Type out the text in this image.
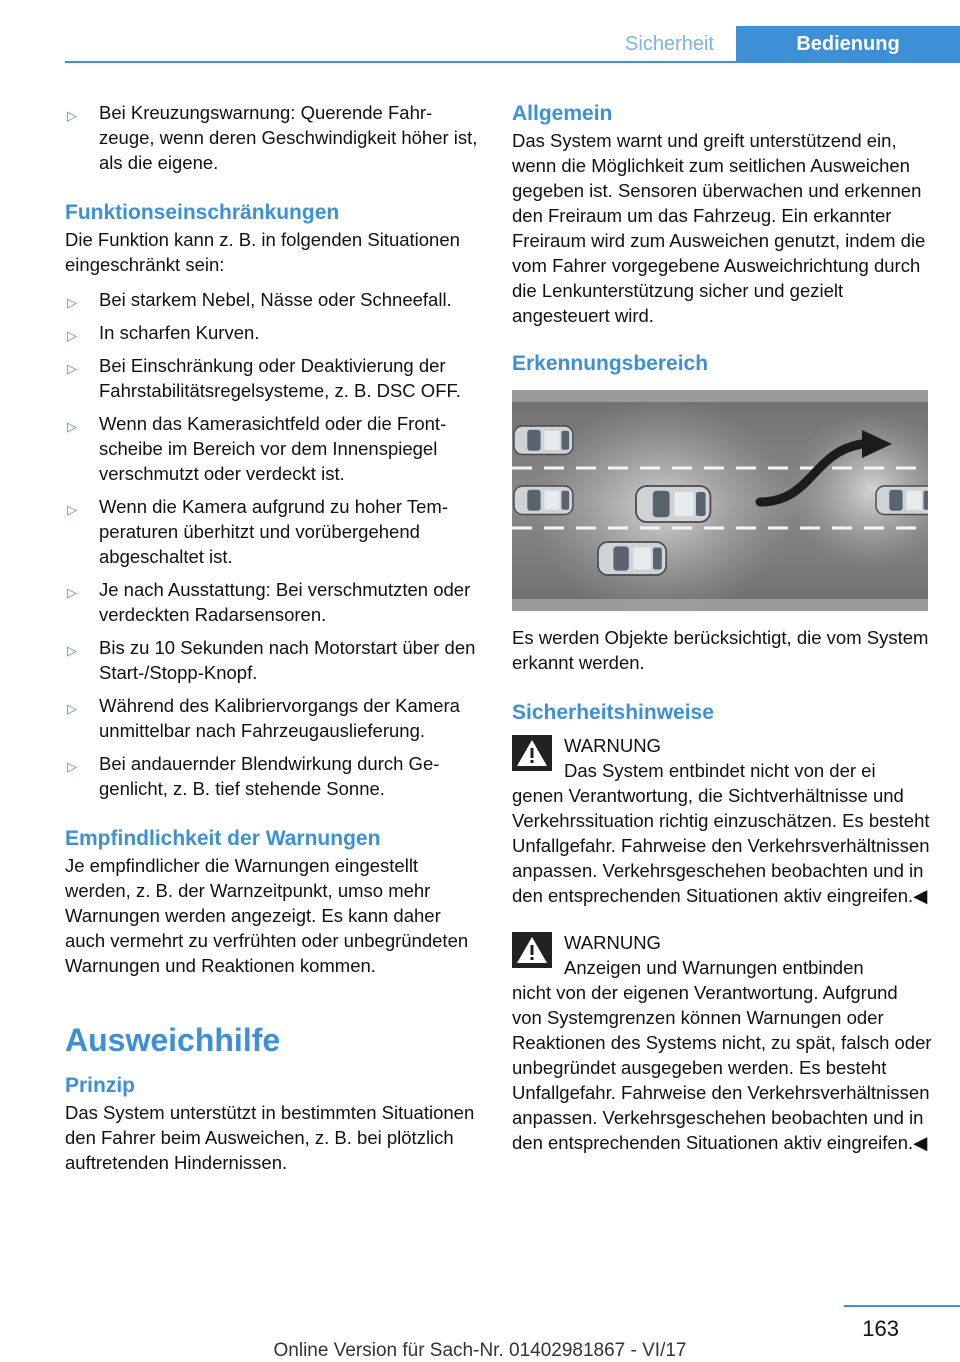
Sicherheit	Bedienung
▷ Bei Kreuzungswarnung: Querende Fahrzeuge, wenn deren Geschwindigkeit höher ist, als die eigene.
Funktionseinschränkungen

Die Funktion kann z. B. in folgenden Situationen eingeschränkt sein:

▷ Bei starkem Nebel, Nässe oder Schneefall.
▷ In scharfen Kurven.
▷ Bei Einschränkung oder Deaktivierung der Fahrstabilitätsregelsysteme, z. B. DSC OFF.
▷ Wenn das Kamerasichtfeld oder die Frontscheibe im Bereich vor dem Innenspiegel verschmutzt oder verdeckt ist.
▷ Wenn die Kamera aufgrund zu hoher Temperaturen überhitzt und vorübergehend abgeschaltet ist.
▷ Je nach Ausstattung: Bei verschmutzten oder verdeckten Radarsensoren.
▷ Bis zu 10 Sekunden nach Motorstart über den Start-/Stopp-Knopf.
▷ Während des Kalibriervorgangs der Kamera unmittelbar nach Fahrzeugauslieferung.
▷ Bei andauernder Blendwirkung durch Gegenlicht, z. B. tief stehende Sonne.
Empfindlichkeit der Warnungen

Je empfindlicher die Warnungen eingestellt werden, z. B. der Warnzeitpunkt, umso mehr Warnungen werden angezeigt. Es kann daher auch vermehrt zu verfrühten oder unbegründeten Warnungen und Reaktionen kommen.

Ausweichhilfe
Prinzip

Das System unterstützt in bestimmten Situationen den Fahrer beim Ausweichen, z. B. bei plötzlich auftretenden Hindernissen.

Allgemein

Das System warnt und greift unterstützend ein, wenn die Möglichkeit zum seitlichen Ausweichen gegeben ist. Sensoren überwachen und erkennen den Freiraum um das Fahrzeug. Ein erkannter Freiraum wird zum Ausweichen genutzt, indem die vom Fahrer vorgegebene Ausweichrichtung durch die Lenkunterstützung sicher und gezielt angesteuert wird.

Erkennungsbereich

Es werden Objekte berücksichtigt, die vom System erkannt werden.

Sicherheitshinweise
WARNUNG
Das System entbindet nicht von der ei

genen Verantwortung, die Sichtverhältnisse und Verkehrssituation richtig einzuschätzen. Es besteht Unfallgefahr. Fahrweise den Verkehrsverhältnissen anpassen. Verkehrsgeschehen beobachten und in den entsprechenden Situationen aktiv eingreifen.◀

WARNUNG
Anzeigen und Warnungen entbinden

nicht von der eigenen Verantwortung. Aufgrund von Systemgrenzen können Warnungen oder Reaktionen des Systems nicht, zu spät, falsch oder unbegründet ausgegeben werden. Es besteht Unfallgefahr. Fahrweise den Verkehrsverhältnissen anpassen. Verkehrsgeschehen beobachten und in den entsprechenden Situationen aktiv eingreifen.◀

163
Online Version für Sach-Nr. 01402981867 - VI/17
